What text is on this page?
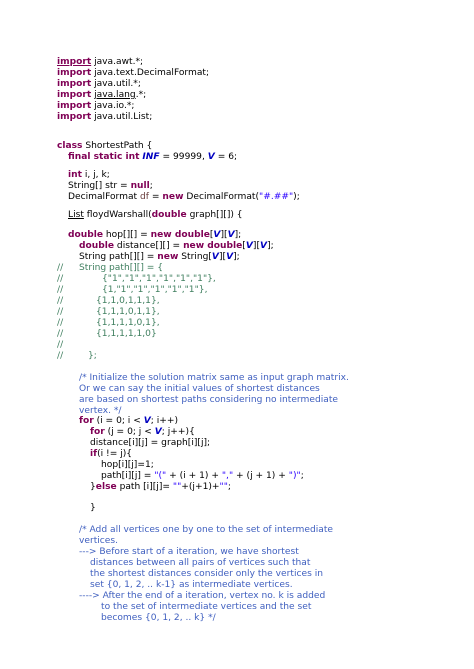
import java.awt.*;
import java.text.DecimalFormat;
import java.util.*;
import java.lang.*;
import java.io.*;
import java.util.List;
class ShortestPath {
final static int INF = 99999, V = 6;
int i, j, k;
String[] str = null;
DecimalFormat df = new DecimalFormat("#.##");
List floydWarshall(double graph[][]) {
double hop[][] = new double[V][V];
double distance[][] = new double[V][V];
String path[][] = new String[V][V];
// String path[][] = {
//	{"1","1","1","1","1","1"},
//	{1,"1","1","1","1","1"},
//	{1,1,0,1,1,1},
//	{1,1,1,0,1,1},
//	{1,1,1,1,0,1},
//	{1,1,1,1,1,0}
//
//	};
/* Initialize the solution matrix same as input graph matrix.
Or we can say the initial values of shortest distances
are based on shortest paths considering no intermediate
vertex. */
for (i = 0; i < V; i++)
for (j = 0; j < V; j++){
distance[i][j] = graph[i][j];
if(i != j){
hop[i][j]=1;
path[i][j] = "(" + (i + 1) + "," + (j + 1) + ")";
}else path [i][j]= ""+(j+1)+"";
}
/* Add all vertices one by one to the set of intermediate
vertices.
---> Before start of a iteration, we have shortest
distances between all pairs of vertices such that
the shortest distances consider only the vertices in
set {0, 1, 2, .. k-1} as intermediate vertices.
----> After the end of a iteration, vertex no. k is added
to the set of intermediate vertices and the set
becomes {0, 1, 2, .. k} */
